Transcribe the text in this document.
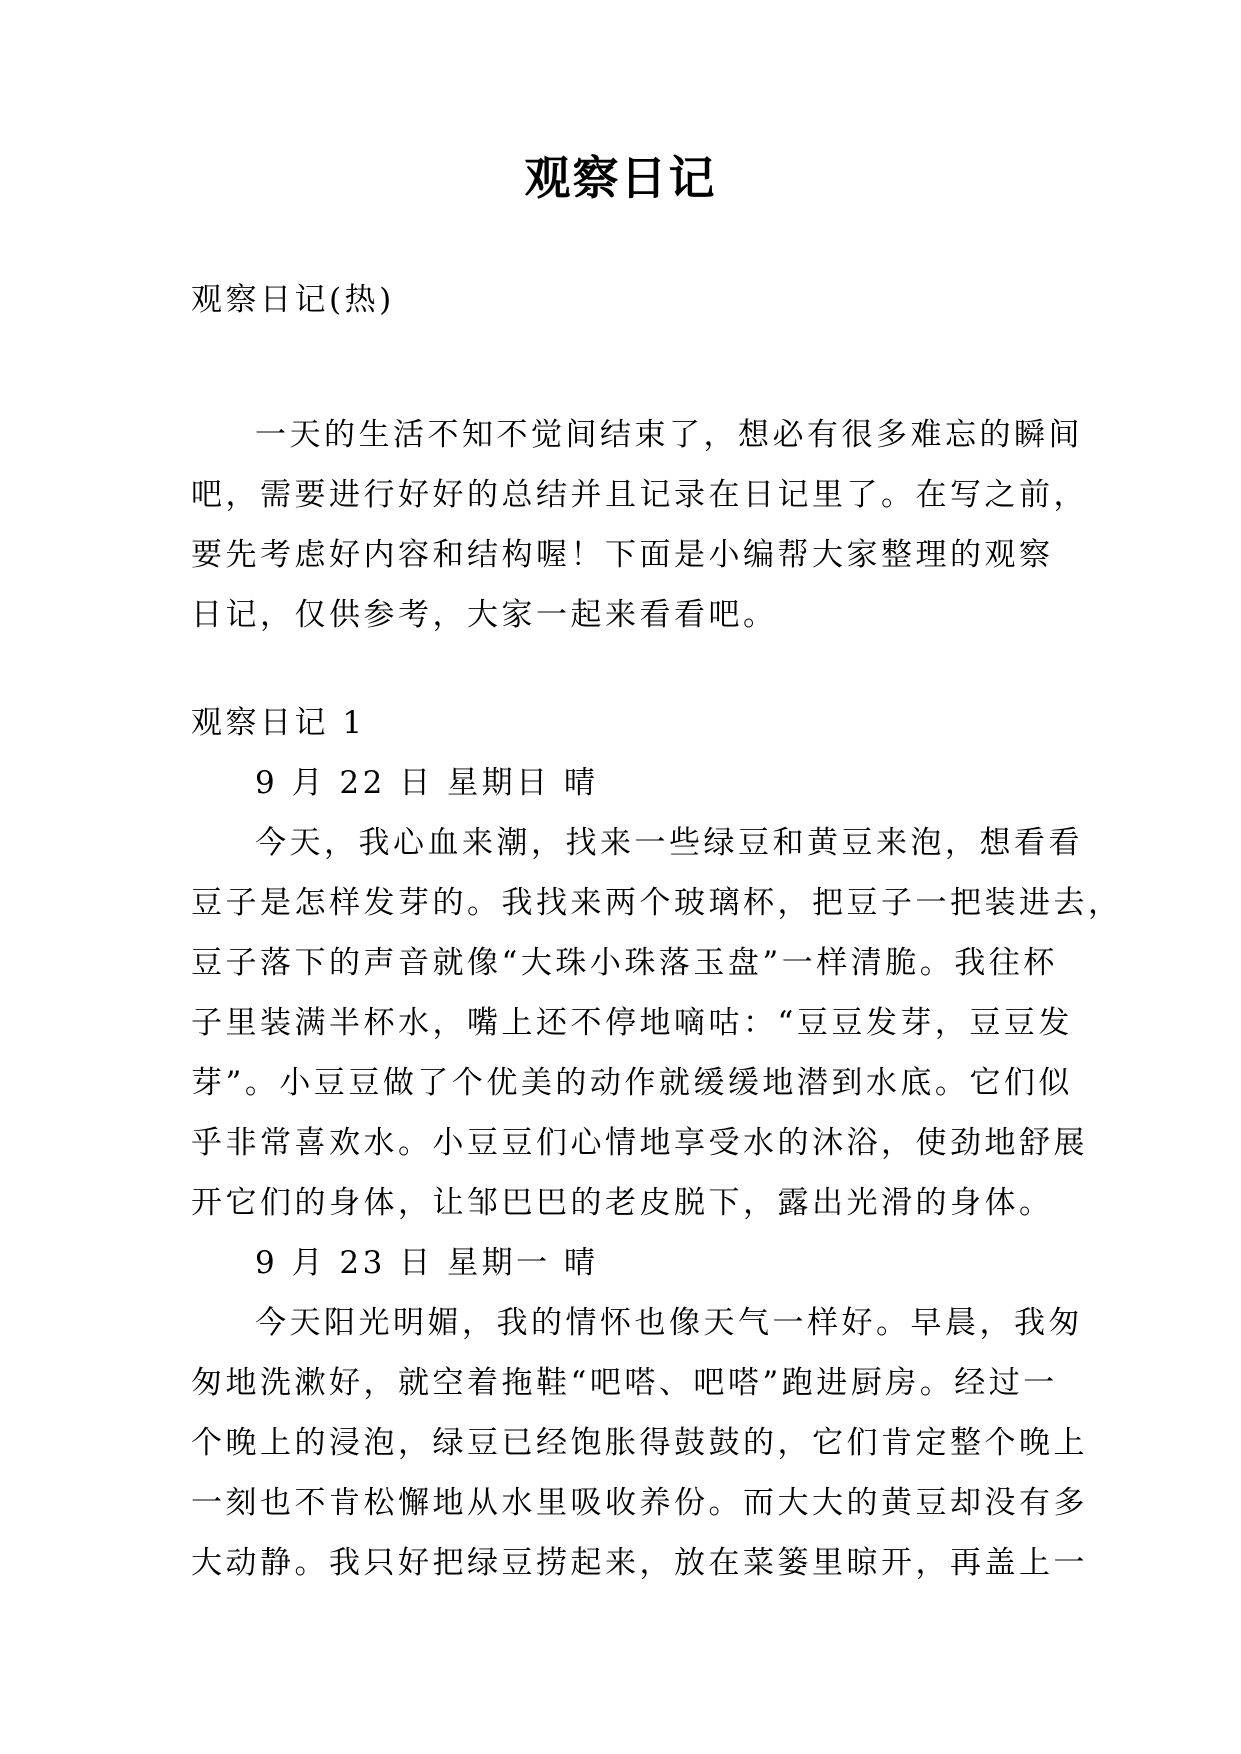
观察日记
观察日记(热)
一天的生活不知不觉间结束了，想必有很多难忘的瞬间
吧，需要进行好好的总结并且记录在日记里了。在写之前，
要先考虑好内容和结构喔！下面是小编帮大家整理的观察
日记，仅供参考，大家一起来看看吧。
观察日记 1
9 月 22 日 星期日 晴
今天，我心血来潮，找来一些绿豆和黄豆来泡，想看看
豆子是怎样发芽的。我找来两个玻璃杯，把豆子一把装进去，
豆子落下的声音就像“大珠小珠落玉盘”一样清脆。我往杯
子里装满半杯水，嘴上还不停地嘀咕：“豆豆发芽，豆豆发
芽”。小豆豆做了个优美的动作就缓缓地潜到水底。它们似
乎非常喜欢水。小豆豆们心情地享受水的沐浴，使劲地舒展
开它们的身体，让邹巴巴的老皮脱下，露出光滑的身体。
9 月 23 日 星期一 晴
今天阳光明媚，我的情怀也像天气一样好。早晨，我匆
匆地洗漱好，就空着拖鞋“吧嗒、吧嗒”跑进厨房。经过一
个晚上的浸泡，绿豆已经饱胀得鼓鼓的，它们肯定整个晚上
一刻也不肯松懈地从水里吸收养份。而大大的黄豆却没有多
大动静。我只好把绿豆捞起来，放在菜篓里晾开，再盖上一
